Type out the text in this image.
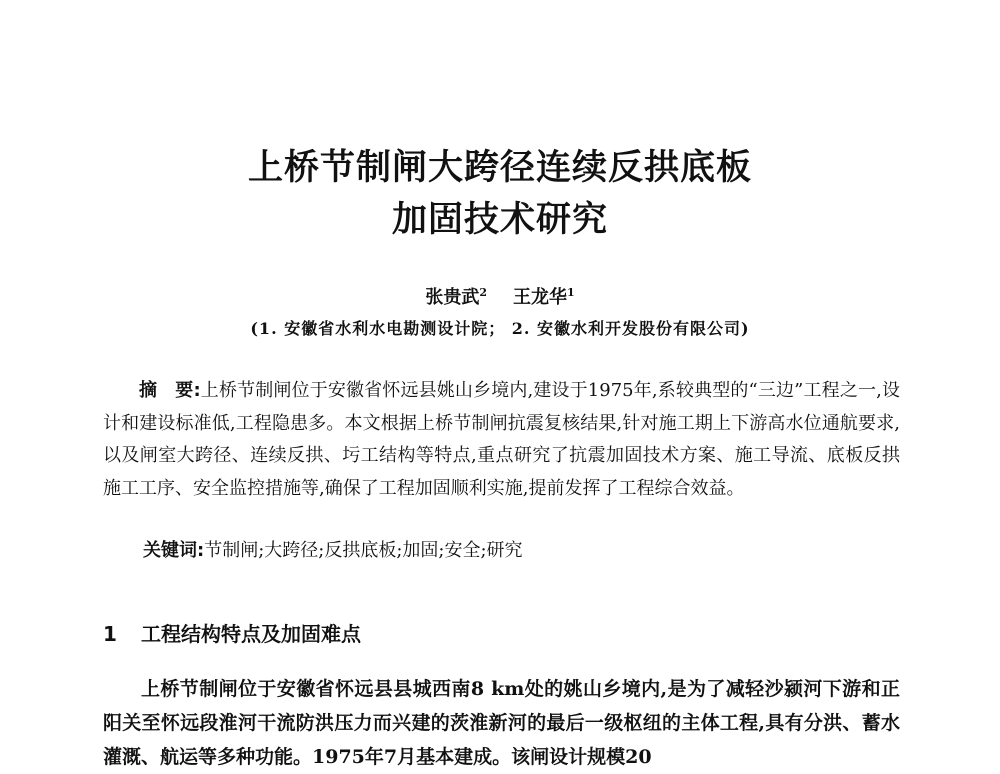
上桥节制闸大跨径连续反拱底板
加固技术研究
张贵武$^2$ 王龙华$^1$
(1. 安徽省水利水电勘测设计院； 2. 安徽水利开发股份有限公司)
摘　要:上桥节制闸位于安徽省怀远县姚山乡境内,建设于1975年,系较典型的“三边”工程之一,设计和建设标准低,工程隐患多。本文根据上桥节制闸抗震复核结果,针对施工期上下游高水位通航要求,以及闸室大跨径、连续反拱、圬工结构等特点,重点研究了抗震加固技术方案、施工导流、底板反拱施工工序、安全监控措施等,确保了工程加固顺利实施,提前发挥了工程综合效益。
关键词:节制闸;大跨径;反拱底板;加固;安全;研究
1 工程结构特点及加固难点
上桥节制闸位于安徽省怀远县县城西南8 km处的姚山乡境内,是为了减轻沙颍河下游和正阳关至怀远段淮河干流防洪压力而兴建的茨淮新河的最后一级枢纽的主体工程,具有分洪、蓄水灌溉、航运等多种功能。1975年7月基本建成。该闸设计规模20
